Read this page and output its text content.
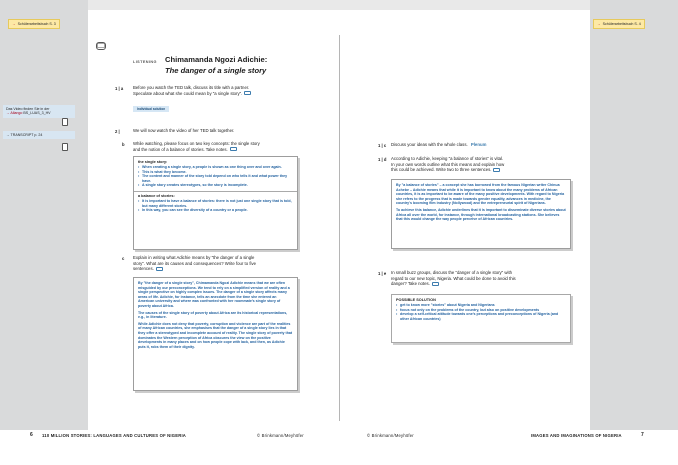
→ Schülerarbeitsbuch S. 3	→ Schülerarbeitsbuch S. 4
Das Video finden Sie in der
→ Allango BS_LUAS_3_HV
→ TRANSCRIPT p. 24
LISTENING Chimamanda Ngozi Adichie:
The danger of a single story
1 | a Before you watch the TED talk, discuss its title with a partner.
Speculate about what she could mean by "a single story".
Individual solution
2 |	We will now watch the video of her TED talk together.
b While watching, please focus on two key concepts: the single story
and the notion of a balance of stories. Take notes.
the single story:
• When creating a single story, a people is shown as one thing over and over again.
• This is what they become.
• The content and manner of the story told depend on who tells it and what power they have.
• A single story creates stereotypes, so the story is incomplete.
a balance of stories:
• It is important to have a balance of stories: there is not just one single story that is told, but many different stories.
• In this way, you can see the diversity of a country or a people.
c Explain in writing what Adichie means by "the danger of a single
story". What are its causes and consequences? Write four to five
sentences.

By "the danger of a single story", Chimamanda Ngozi Adichie means that we are often misguided by our preconceptions. We tend to rely on a simplified version of reality and a single perspective on highly complex issues. The danger of a single story affects many areas of life. Adichie, for instance, tells an anecdote from the time she entered an American university and where was confronted with her roommate's single story of poverty about Africa.

The causes of the single story of poverty about Africa are its historical representations, e.g., in literature.

While Adichie does not deny that poverty, corruption and violence are part of the realities of many African countries, she emphasises that the danger of a single story lies in that they offer a stereotyped and incomplete account of reality. The single story of poverty that dominates the Western perception of Africa obscures the view on the positive developments in many places and on how people cope with lack, and then, as Adichie puts it, robs them of their dignity.

1 | c Discuss your ideas with the whole class. Plenum
1 | d According to Adichie, keeping "a balance of stories" is vital.
In your own words outline what this means and explain how
this could be achieved. Write two to three sentences.

By "a balance of stories" – a concept she has borrowed from the famous Nigerian writer Chinua Achebe – Adichie means that while it is important to know about the many problems of African countries, it is as important to be aware of the many positive developments. With regard to Nigeria she refers to the progress that is made towards gender equality, advances in medicine, the country's booming film industry (Nollywood) and the entrepreneurial spirit of Nigerians.

To achieve this balance, Adichie underlines that it is important to disseminate diverse stories about Africa all over the world, for instance, through international broadcasting stations. She believes that this would change the way people perceive of African countries.

1 | e In small buzz groups, discuss the "danger of a single story" with
regard to our new topic, Nigeria. What could be done to avoid this
danger? Take notes.
POSSIBLE SOLUTION
• get to know more "stories" about Nigeria and Nigerians
• focus not only on the problems of the country, but also on positive developments
• develop a self-critical attitude towards one's perceptions and preconceptions of Nigeria (and other African countries)
6 110 MILLION STORIES: LANGUAGES AND CULTURES OF NIGERIA	© Brinkmann/Meyhöfer	© Brinkmann/Meyhöfer	IMAGES AND IMAGINATIONS OF NIGERIA	7
